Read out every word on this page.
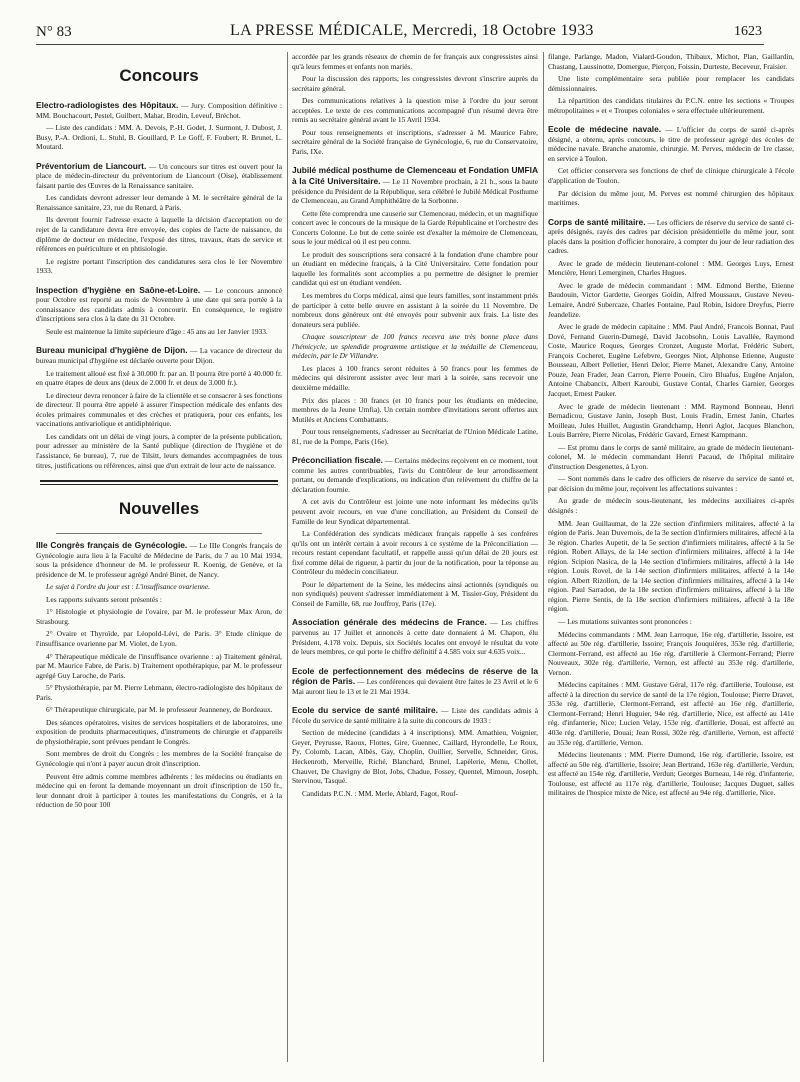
N° 83	LA PRESSE MÉDICALE, Mercredi, 18 Octobre 1933	1623
Concours

Electro-radiologistes des Hôpitaux. — Jury. Composition définitive : MM. Bouchacourt, Pestel, Guilbert, Mahar, Brodin, Leveuf, Bréchot.

— Liste des candidats : MM. A. Devois, P.-H. Godet, J. Surmont, J. Dubost, J. Busy, P.-A. Ordioni, L. Stuhl, B. Gouillard, P. Le Goff, F. Foubert, R. Brunet, L. Moutard.

Préventorium de Liancourt. — Un concours sur titres est ouvert pour la place de médecin-directeur du préventorium de Liancourt (Oise), établissement faisant partie des Œuvres de la Renaissance sanitaire.

Les candidats devront adresser leur demande à M. le secrétaire général de la Renaissance sanitaire, 23, rue du Renard, à Paris.

Ils devront fournir l'adresse exacte à laquelle la décision d'acceptation ou de rejet de la candidature devra être envoyée, des copies de l'acte de naissance, du diplôme de docteur en médecine, l'exposé des titres, travaux, états de service et références en puériculture et en phtisiologie.

Le registre portant l'inscription des candidatures sera clos le 1er Novembre 1933.

Inspection d'hygiène en Saône-et-Loire. — Le concours annoncé pour Octobre est reporté au mois de Novembre à une date qui sera portée à la connaissance des candidats admis à concourir. En conséquence, le registre d'inscriptions sera clos à la date du 31 Octobre.

Seule est maintenue la limite supérieure d'âge : 45 ans au 1er Janvier 1933.

Bureau municipal d'hygiène de Dijon. — La vacance de directeur du bureau municipal d'hygiène est déclarée ouverte pour Dijon.

Le traitement alloué est fixé à 30.000 fr. par an. Il pourra être porté à 40.000 fr. en quatre étapes de deux ans (deux de 2.000 fr. et deux de 3.000 fr.).

Le directeur devra renoncer à faire de la clientèle et se consacrer à ses fonctions de directeur. Il pourra être appelé à assurer l'inspection médicale des enfants des écoles primaires communales et des crèches et pratiquera, pour ces enfants, les vaccinations antivariolique et antidiphtérique.

Les candidats ont un délai de vingt jours, à compter de la présente publication, pour adresser au ministère de la Santé publique (direction de l'hygiène et de l'assistance, 6e bureau), 7, rue de Tilsitt, leurs demandes accompagnées de tous titres, justifications ou références, ainsi que d'un extrait de leur acte de naissance.

Nouvelles

IIIe Congrès français de Gynécologie. — Le IIIe Congrès français de Gynécologie aura lieu à la Faculté de Médecine de Paris, du 7 au 10 Mai 1934, sous la présidence d'honneur de M. le professeur R. Koenig, de Genève, et la présidence de M. le professeur agrégé André Binet, de Nancy.

Le sujet à l'ordre du jour est : L'insuffisance ovarienne.

Les rapports suivants seront présentés :

1° Histologie et physiologie de l'ovaire, par M. le professeur Max Aron, de Strasbourg.

2° Ovaire et Thyroïde, par Léopold-Lévi, de Paris. 3° Etude clinique de l'insuffisance ovarienne par M. Violet, de Lyon.

4° Thérapeutique médicale de l'insuffisance ovarienne : a) Traitement général, par M. Maurice Fabre, de Paris. b) Traitement opothérapique, par M. le professeur agrégé Guy Laroche, de Paris.

5° Physiothérapie, par M. Pierre Lehmann, électro-radiologiste des hôpitaux de Paris.

6° Thérapeutique chirurgicale, par M. le professeur Jeanneney, de Bordeaux.

Des séances opératoires, visites de services hospitaliers et de laboratoires, une exposition de produits pharmaceutiques, d'instruments de chirurgie et d'appareils de physiothérapie, sont prévues pendant le Congrès.

Sont membres de droit du Congrès : les membres de la Société française de Gynécologie qui n'ont à payer aucun droit d'inscription.

Peuvent être admis comme membres adhérents : les médecins ou étudiants en médecine qui en feront la demande moyennant un droit d'inscription de 150 fr., leur donnant droit à participer à toutes les manifestations du Congrès, et à la réduction de 50 pour 100

accordée par les grands réseaux de chemin de fer français aux congressistes ainsi qu'à leurs femmes et enfants non mariés.

Pour la discussion des rapports, les congressistes devront s'inscrire auprès du secrétaire général.

Des communications relatives à la question mise à l'ordre du jour seront acceptées. Le texte de ces communications accompagné d'un résumé devra être remis au secrétaire général avant le 15 Avril 1934.

Pour tous renseignements et inscriptions, s'adresser à M. Maurice Fabre, secrétaire général de la Société française de Gynécologie, 6, rue du Conservatoire, Paris, IXe.

Jubilé médical posthume de Clemenceau et Fondation UMFIA à la Cité Universitaire. — Le 11 Novembre prochain, à 21 h., sous la haute présidence du Président de la République, sera célébré le Jubilé Médical Posthume de Clemenceau, au Grand Amphithéâtre de la Sorbonne.

Cette fête comprendra une causerie sur Clemenceau, médecin, et un magnifique concert avec le concours de la musique de la Garde Républicaine et l'orchestre des Concerts Colonne. Le but de cette soirée est d'exalter la mémoire de Clemenceau, sous le jour médical où il est peu connu.

Le produit des souscriptions sera consacré à la fondation d'une chambre pour un étudiant en médecine français, à la Cité Universitaire. Cette fondation pour laquelle les formalités sont accomplies a pu permettre de désigner le premier candidat qui est un étudiant vendéen.

Les membres du Corps médical, ainsi que leurs familles, sont instamment priés de participer à cette belle œuvre en assistant à la soirée du 11 Novembre. De nombreux dons généreux ont été envoyés pour subvenir aux frais. La liste des donateurs sera publiée.

Chaque souscripteur de 100 francs recevra une très bonne place dans l'hémicycle, un splendide programme artistique et la médaille de Clemenceau, médecin, par le Dr Villandre.

Les places à 100 francs seront réduites à 50 francs pour les femmes de médecins qui désireront assister avec leur mari à la soirée, sans recevoir une deuxième médaille.

Prix des places : 30 francs (et 10 francs pour les étudiants en médecine, membres de la Jeune Umfia). Un certain nombre d'invitations seront offertes aux Mutilés et Anciens Combattants.

Pour tous renseignements, s'adresser au Secrétariat de l'Union Médicale Latine, 81, rue de la Pompe, Paris (16e).

Préconciliation fiscale. — Certains médecins reçoivent en ce moment, tout comme les autres contribuables, l'avis du Contrôleur de leur arrondissement portant, ou demande d'explications, ou indication d'un relèvement du chiffre de la déclaration fournie.

A cet avis du Contrôleur est jointe une note informant les médecins qu'ils peuvent avoir recours, en vue d'une conciliation, au Président du Conseil de Famille de leur Syndicat départemental.

La Confédération des syndicats médicaux français rappelle à ses confrères qu'ils ont un intérêt certain à avoir recours à ce système de la Préconciliation — recours restant cependant facultatif, et rappelle aussi qu'un délai de 20 jours est fixé comme délai de rigueur, à partir du jour de la notification, pour la réponse au Contrôleur du médecin conciliateur.

Pour le département de la Seine, les médecins ainsi actionnés (syndiqués ou non syndiqués) peuvent s'adresser immédiatement à M. Tissier-Guy, Président du Conseil de Famille, 68, rue Jouffroy, Paris (17e).

Association générale des médecins de France. — Les chiffres parvenus au 17 Juillet et annoncés à cette date donnaient à M. Chapon, élu Président, 4.178 voix. Depuis, six Sociétés locales ont envoyé le résultat du vote de leurs membres, ce qui porte le chiffre définitif à 4.585 voix sur 4.635 voix...

Ecole de perfectionnement des médecins de réserve de la région de Paris. — Les conférences qui devaient être faites le 23 Avril et le 6 Mai auront lieu le 13 et le 21 Mai 1934.

Ecole du service de santé militaire. — Liste des candidats admis à l'école du service de santé militaire à la suite du concours de 1933 :

Section de médecine (candidats à 4 inscriptions). MM. Amathieu, Voignier, Geyer, Peyrusse, Raoux, Flottes, Gire, Guennec, Caillard, Hyrondelle, Le Roux, Py, Colomb, Lacan, Albès, Gay, Choplin, Ouillier, Servelle, Schneider, Gros, Heckenroth, Merveille, Riché, Blanchard, Brunel, Lapèlerie, Menu, Chollet, Chauvet, De Chavigny de Blot, Jobs, Chadue, Fossey, Quentel, Mimoun, Joseph, Stervinou, Tasqué.

Candidats P.C.N. : MM. Merle, Ablard, Fagot, Rouf-

filange, Parlange, Madon, Viałard-Goudon, Thibaux, Michot, Plan, Gaillardin, Chastang, Laussinotte, Domergue, Pierçon, Foissin, Durteste, Beceveur, Fraisier.

Une liste complémentaire sera publiée pour remplacer les candidats démissionnaires.

La répartition des candidats titulaires du P.C.N. entre les sections « Troupes métropolitaines » et « Troupes coloniales » sera effectuée ultérieurement.

Ecole de médecine navale. — L'officier du corps de santé ci-après désigné, a obtenu, après concours, le titre de professeur agrégé des écoles de médecine navale. Branche anatomie, chirurgie. M. Perves, médecin de 1re classe, en service à Toulon.

Cet officier conservera ses fonctions de chef de clinique chirurgicale à l'école d'application de Toulon.

Par décision du même jour, M. Perves est nommé chirurgien des hôpitaux maritimes.

Corps de santé militaire. — Les officiers de réserve du service de santé ci-après désignés, rayés des cadres par décision présidentielle du même jour, sont placés dans la position d'officier honoraire, à compter du jour de leur radiation des cadres.

Avec le grade de médecin lieutenant-colonel : MM. Georges Luys, Ernest Mencière, Henri Lemerginen, Charles Hugues.

Avec le grade de médecin commandant : MM. Edmond Berthe, Etienne Baudouin, Victor Gardette, Georges Goidin, Alfred Moussaux, Gustave Neveu-Lemaire, André Subercaze, Charles Fontaine, Paul Robin, Isidore Dreyfus, Pierre Jeandelize.

Avec le grade de médecin capitaine : MM. Paul André, Francois Bonnat, Paul Dové, Fernand Guerin-Dumegé, David Jacobsohn, Louis Lavallée, Raymond Coste, Maurice Roques, Georges Cronzet, Auguste Morlat, Frédéric Subert, François Cocheret, Eugène Lefebvre, Georges Niot, Alphonse Etienne, Auguste Bousseau, Albert Pelletier, Henri Delor, Pierre Manet, Alexandre Cany, Antoine Pouze, Jean Frader, Jean Carron, Pierre Pouein, Ciro Bluafus, Eugène Anjalon, Antoine Chabancix, Albert Karoubi, Gustave Contal, Charles Garnier, Georges Jacquet, Ernest Pauker.

Avec le grade de médecin lieutenant : MM. Raymond Bonneau, Henri Bernadicou, Gustave Janin, Joseph Bust, Louis Fradin, Ernest Janin, Charles Moilleau, Jules Huillet, Augustin Grandchamp, Henri Aglot, Jacques Blanchon, Louis Barrère, Pierre Nicolas, Frédéric Gavard, Ernest Kampmann.

— Est promu dans le corps de santé militaire, au grade de médecin lieutenant-colonel, M. le médecin commandant Henri Pacaud, de l'hôpital militaire d'instruction Desgenettes, à Lyon.

— Sont nommés dans le cadre des officiers de réserve du service de santé et, par décision du même jour, reçoivent les affectations suivantes :

Au grade de médecin sous-lieutenant, les médecins auxiliaires ci-après désignés :

MM. Jean Guillaumat, de la 22e section d'infirmiers militaires, affecté à la région de Paris. Jean Duvernois, de la 3e section d'infirmiers militaires, affecté à la 3e région. Charles Aupetit, de la 5e section d'infirmiers militaires, affecté à la 5e région. Robert Allays, de la 14e section d'infirmiers militaires, affecté à la 14e région. Scipion Nasica, de la 14e section d'infirmiers militaires, affecté à la 14e région. Louis Rovel, de la 14e section d'infirmiers militaires, affecté à la 14e région. Albert Rizollon, de la 14e section d'infirmiers militaires, affecté à la 14e région. Paul Sarradon, de la 18e section d'infirmiers militaires, affecté à la 18e région. Pierre Sentis, de la 18e section d'infirmiers militaires, affecté à la 18e région.

— Les mutations suivantes sont prononcées :

Médecins commandants : MM. Jean Larroque, 16e rég. d'artillerie, Issoire, est affecté au 50e rég. d'artillerie, Issoire; François Jouquières, 353e rég. d'artillerie, Clermont-Ferrand, est affecté au 16e rég. d'artillerie à Clermont-Ferrand; Pierre Nouveaux, 302e rég. d'artillerie, Vernon, est affecté au 353e rég. d'artillerie, Vernon.

Médecins capitaines : MM. Gustave Géral, 117e rég. d'artillerie, Toulouse, est affecté à la direction du service de santé de la 17e région, Toulouse; Pierre Dravet, 353e rég. d'artillerie, Clermont-Ferrand, est affecté au 16e rég. d'artillerie, Clermont-Ferrand; Henri Huguier, 94e rég. d'artillerie, Nice, est affecté au 141e rég. d'infanterie, Nice; Lucien Velay, 153e rég. d'artillerie, Douai, est affecté au 403e rég. d'artillerie, Douai; Jean Rossi, 302e rég. d'artillerie, Vernon, est affecté au 353e rég. d'artillerie, Vernon.

Médecins lieutenants : MM. Pierre Dumond, 16e rég. d'artillerie, Issoire, est affecté au 50e rég. d'artillerie, Issoire; Jean Bertrand, 163e rég. d'artillerie, Verdun, est affecté au 154e rég. d'artillerie, Verdun; Georges Burneau, 14e rég. d'infanterie, Toulouse, est affecté au 117e rég. d'artillerie, Toulouse; Jacques Duguet, salles militaires de l'hospice mixte de Nice, est affecté au 94e rég. d'artillerie, Nice.
